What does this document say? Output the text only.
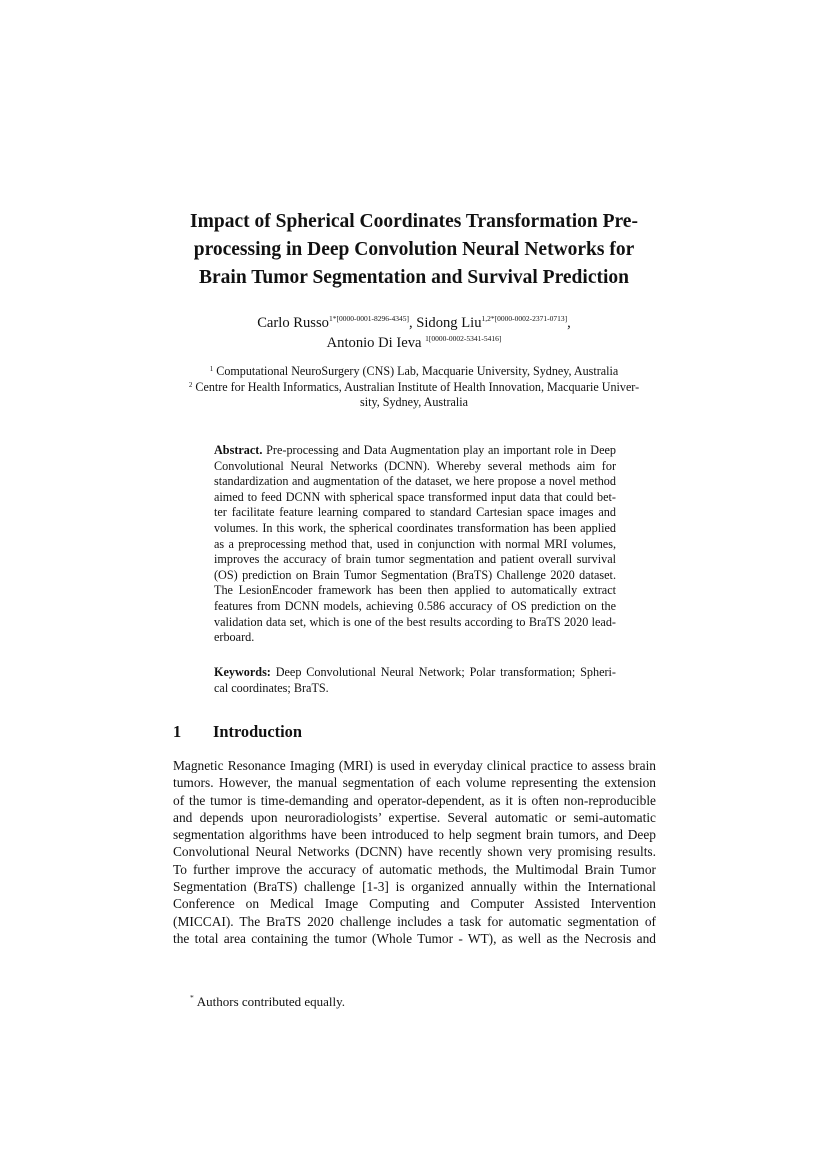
Impact of Spherical Coordinates Transformation Pre-
processing in Deep Convolution Neural Networks for
Brain Tumor Segmentation and Survival Prediction
Carlo Russo$^{1*[0000-0001-8296-4345]}$, Sidong Liu$^{1,2*[0000-0002-2371-0713]}$,
Antonio Di Ieva $^{1[0000-0002-5341-5416]}$
$^1$ Computational NeuroSurgery (CNS) Lab, Macquarie University, Sydney, Australia
$^2$ Centre for Health Informatics, Australian Institute of Health Innovation, Macquarie Univer-
sity, Sydney, Australia
Abstract. Pre-processing and Data Augmentation play an important role in Deep
Convolutional Neural Networks (DCNN). Whereby several methods aim for
standardization and augmentation of the dataset, we here propose a novel method
aimed to feed DCNN with spherical space transformed input data that could bet-
ter facilitate feature learning compared to standard Cartesian space images and
volumes. In this work, the spherical coordinates transformation has been applied
as a preprocessing method that, used in conjunction with normal MRI volumes,
improves the accuracy of brain tumor segmentation and patient overall survival
(OS) prediction on Brain Tumor Segmentation (BraTS) Challenge 2020 dataset.
The LesionEncoder framework has been then applied to automatically extract
features from DCNN models, achieving 0.586 accuracy of OS prediction on the
validation data set, which is one of the best results according to BraTS 2020 lead-
erboard.
Keywords: Deep Convolutional Neural Network; Polar transformation; Spheri-
cal coordinates; BraTS.
1 Introduction
Magnetic Resonance Imaging (MRI) is used in everyday clinical practice to assess brain
tumors. However, the manual segmentation of each volume representing the extension
of the tumor is time-demanding and operator-dependent, as it is often non-reproducible
and depends upon neuroradiologists’ expertise. Several automatic or semi-automatic
segmentation algorithms have been introduced to help segment brain tumors, and Deep
Convolutional Neural Networks (DCNN) have recently shown very promising results.
To further improve the accuracy of automatic methods, the Multimodal Brain Tumor
Segmentation (BraTS) challenge [1-3] is organized annually within the International
Conference on Medical Image Computing and Computer Assisted Intervention
(MICCAI). The BraTS 2020 challenge includes a task for automatic segmentation of
the total area containing the tumor (Whole Tumor - WT), as well as the Necrosis and
* Authors contributed equally.
